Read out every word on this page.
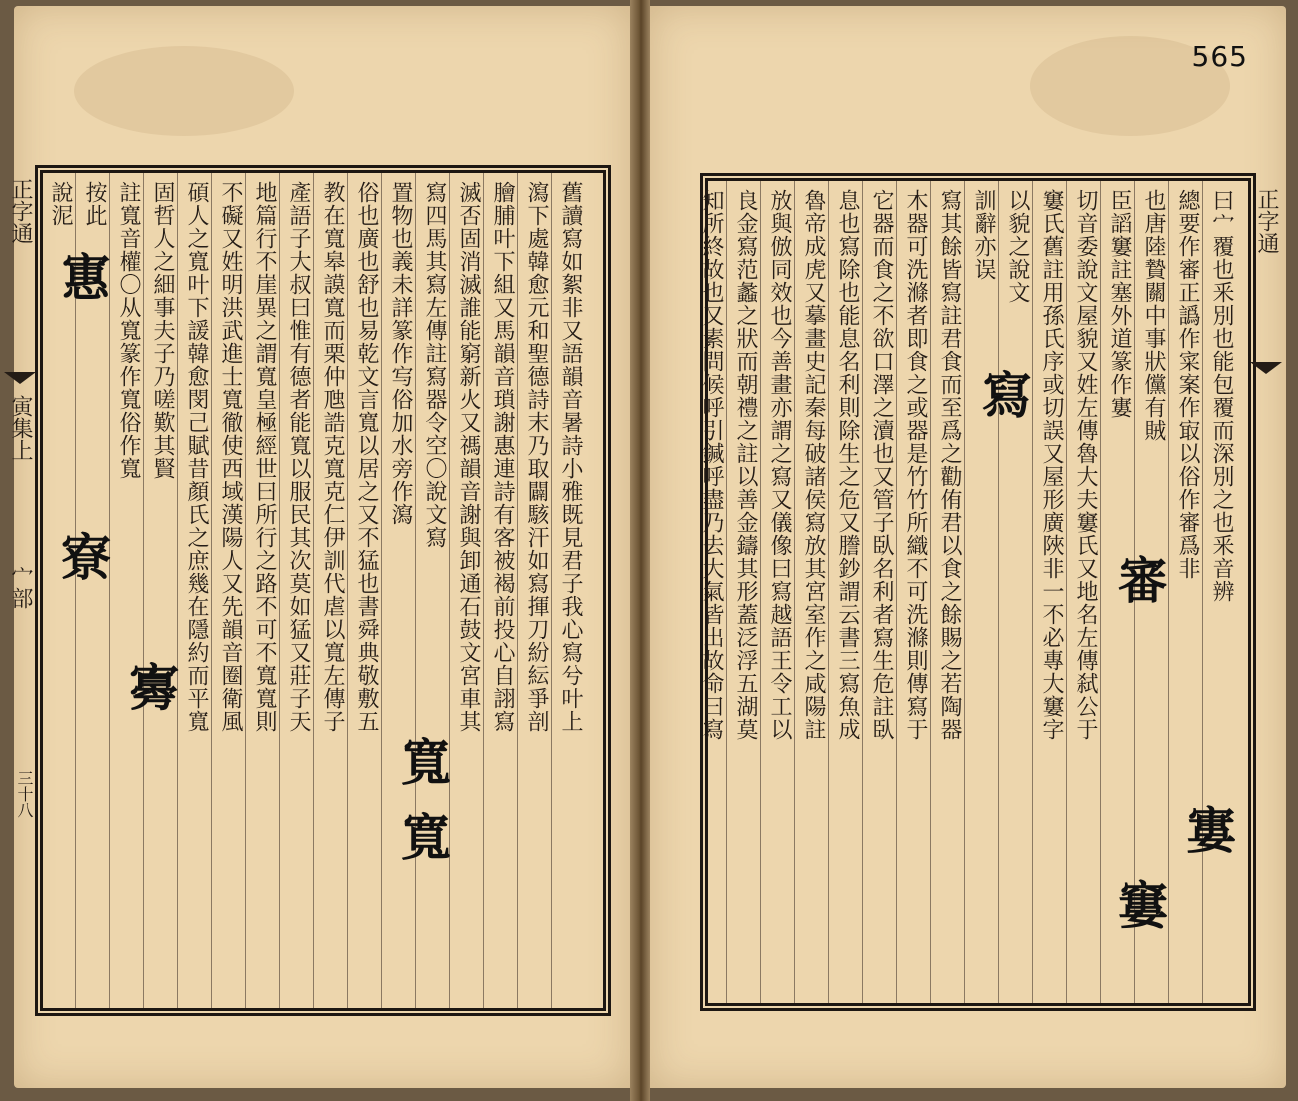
舊讀寫如絮非又語韻音暑詩小雅既見君子我心寫兮叶上
瀉下處韓愈元和聖德詩末乃取闢駭汗如寫揮刀紛紜爭剖
膾脯叶下組又馬韻音瑣謝惠連詩有客被褐前投心自詡寫
滅否固消滅誰能窮新火又禡韻音謝與卸通石鼓文宮車其
寫四馬其寫左傳註寫器令空〇說文寫
置物也義未詳篆作㝍俗加水旁作瀉
俗也廣也舒也易乾文言寬以居之又不猛也書舜典敬敷五
教在寬皋謨寬而栗仲虺誥克寬克仁伊訓代虐以寬左傳子
產語子大叔曰惟有德者能寬以服民其次莫如猛又莊子天
地篇行不崖異之謂寬皇極經世曰所行之路不可不寬寬則
不礙又姓明洪武進士寬徹使西域漢陽人又先韻音圈衛風
碩人之寬叶下諼韓愈閔己賦昔顏氏之庶幾在隱約而平寬
固哲人之細事夫子乃嗟歎其賢
註寬音權〇从寬篆作寬俗作寬
按此
說泥
寬
寬
㝰
寮
寭
正字通
寅集上
宀部
三十八
565
曰宀覆也釆別也能包覆而深別之也釆音辨
總要作審正譌作寀案作㝡以俗作審爲非
也唐陸贄關中事狀儻有賊
臣謟窶註塞外道篆作寠
切音委說文屋貌又姓左傳魯大夫窶氏又地名左傳弑公于
窶氏舊註用孫氏序或切誤又屋形廣陜非一不必專大窶字
以貌之說文
訓辭亦误
寫其餘皆寫註君食而至爲之勸侑君以食之餘賜之若陶器
木器可洗滌者即食之或器是竹竹所織不可洗滌則傳寫于
它器而食之不欲口澤之瀆也又管子臥名利者寫生危註臥
息也寫除也能息名利則除生之危又謄鈔謂云書三寫魚成
魯帝成虎又摹畫史記秦每破諸侯寫放其宮室作之咸陽註
放與倣同效也今善畫亦謂之寫又儀像曰寫越語王令工以
良金寫范蠡之狀而朝禮之註以善金鑄其形蓋泛浮五湖莫
知所終故也又素問候呼引鍼呼盡乃去大氣皆出故命曰寫	審
寠
窶
寫
正字通
